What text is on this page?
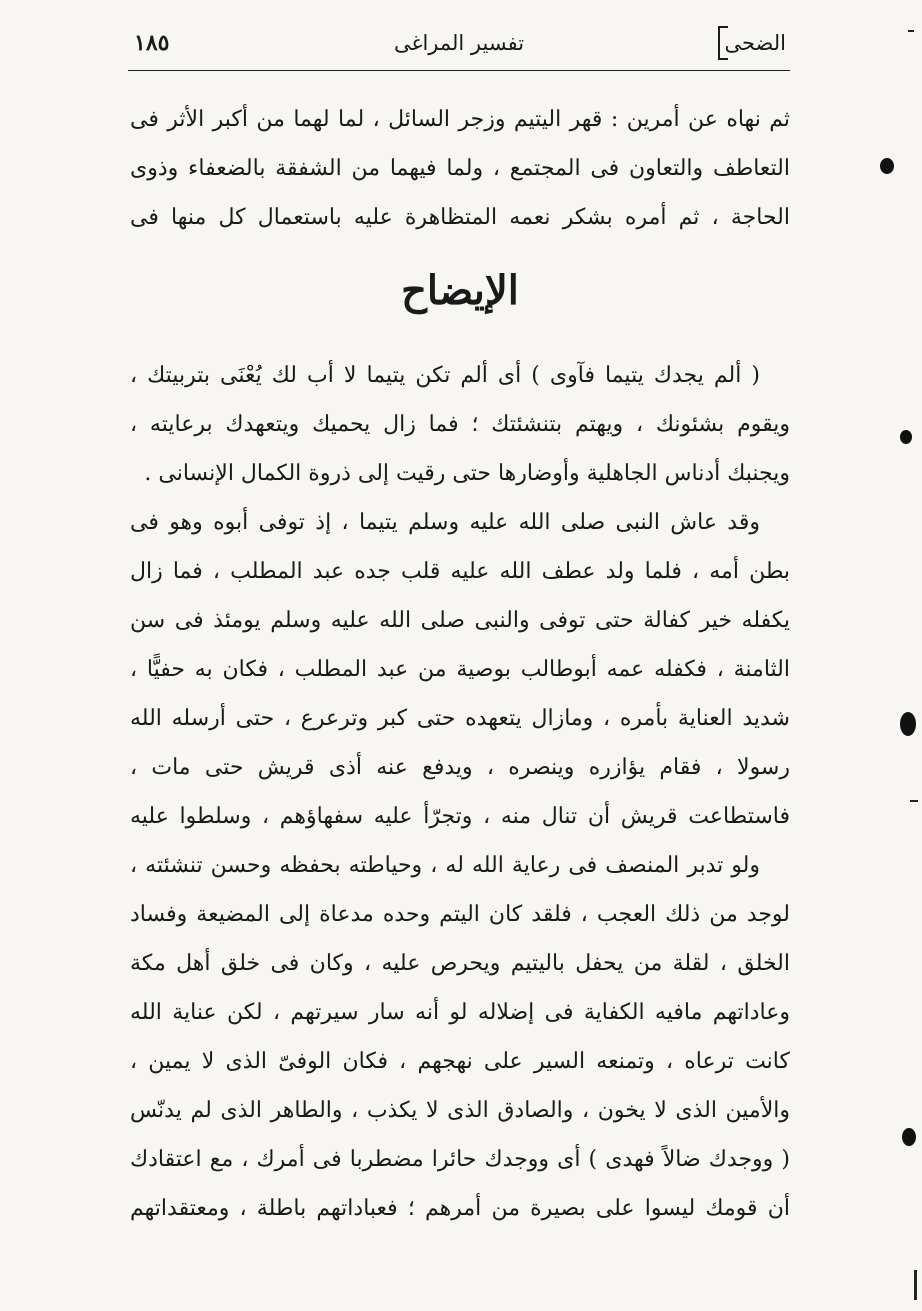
الضحى
تفسير المراغى
١٨٥

ثم نهاه عن أمرين : قهر اليتيم وزجر السائل ، لما لهما من أكبر الأثر فى التعاطف والتعاون فى المجتمع ، ولما فيهما من الشفقة بالضعفاء وذوى الحاجة ، ثم أمره بشكر نعمه المتظاهرة عليه باستعمال كل منها فى

الإيضاح

( ألم يجدك يتيما فآوى ) أى ألم تكن يتيما لا أب لك يُعْنَى بتربيتك ، ويقوم بشئونك ، ويهتم بتنشئتك ؛ فما زال يحميك ويتعهدك برعايته ، ويجنبك أدناس الجاهلية وأوضارها حتى رقيت إلى ذروة الكمال الإنسانى .

وقد عاش النبى صلى الله عليه وسلم يتيما ، إذ توفى أبوه وهو فى بطن أمه ، فلما ولد عطف الله عليه قلب جده عبد المطلب ، فما زال يكفله خير كفالة حتى توفى والنبى صلى الله عليه وسلم يومئذ فى سن الثامنة ، فكفله عمه أبوطالب بوصية من عبد المطلب ، فكان به حفيًّا ، شديد العناية بأمره ، ومازال يتعهده حتى كبر وترعرع ، حتى أرسله الله رسولا ، فقام يؤازره وينصره ، ويدفع عنه أذى قريش حتى مات ، فاستطاعت قريش أن تنال منه ، وتجرّأ عليه سفهاؤهم ، وسلطوا عليه

ولو تدبر المنصف فى رعاية الله له ، وحياطته بحفظه وحسن تنشئته ، لوجد من ذلك العجب ، فلقد كان اليتم وحده مدعاة إلى المضيعة وفساد الخلق ، لقلة من يحفل باليتيم ويحرص عليه ، وكان فى خلق أهل مكة وعاداتهم مافيه الكفاية فى إضلاله لو أنه سار سيرتهم ، لكن عناية الله كانت ترعاه ، وتمنعه السير على نهجهم ، فكان الوفىّ الذى لا يمين ، والأمين الذى لا يخون ، والصادق الذى لا يكذب ، والطاهر الذى لم يدنّس

( ووجدك ضالاً فهدى ) أى ووجدك حائرا مضطربا فى أمرك ، مع اعتقادك أن قومك ليسوا على بصيرة من أمرهم ؛ فعباداتهم باطلة ، ومعتقداتهم
